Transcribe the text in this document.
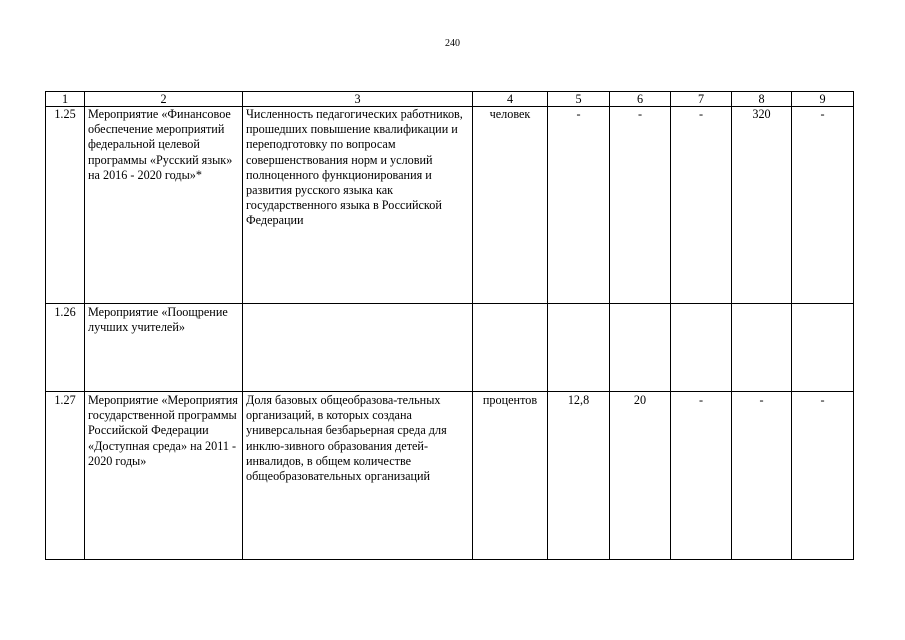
240
1	2	3	4	5	6	7	8	9
1.25	Мероприятие «Финансовое обеспечение мероприятий федеральной целевой программы «Русский язык» на 2016 - 2020 годы»*	Численность педагогических работников, прошедших повышение квалификации и переподготовку по вопросам совершенствования норм и условий полноценного функционирования и развития русского языка как государственного языка в Российской Федерации	человек	-	-	-	320	-
1.26	Мероприятие «Поощрение лучших учителей»							
1.27	Мероприятие «Мероприятия государственной программы Российской Федерации «Доступная среда» на 2011 - 2020 годы»	Доля базовых общеобразова-тельных организаций, в которых создана универсальная безбарьерная среда для инклю-зивного образования детей-инвалидов, в общем количестве общеобразовательных организаций	процентов	12,8	20	-	-	-
